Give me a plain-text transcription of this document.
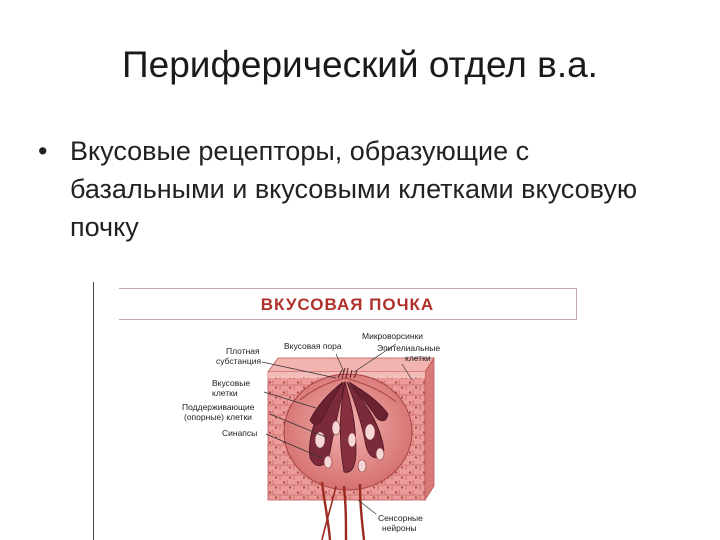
Периферический отдел в.а.
• Вкусовые рецепторы, образующие с базальными и вкусовыми клетками вкусовую почку
ВКУСОВАЯ ПОЧКА
Микроворсинки
Вкусовая пора	Эпителиальные
клетки
Плотная
субстанция
Вкусовые
клетки
Поддерживающие
(опорные) клетки
Синапсы
Сенсорные
нейроны
